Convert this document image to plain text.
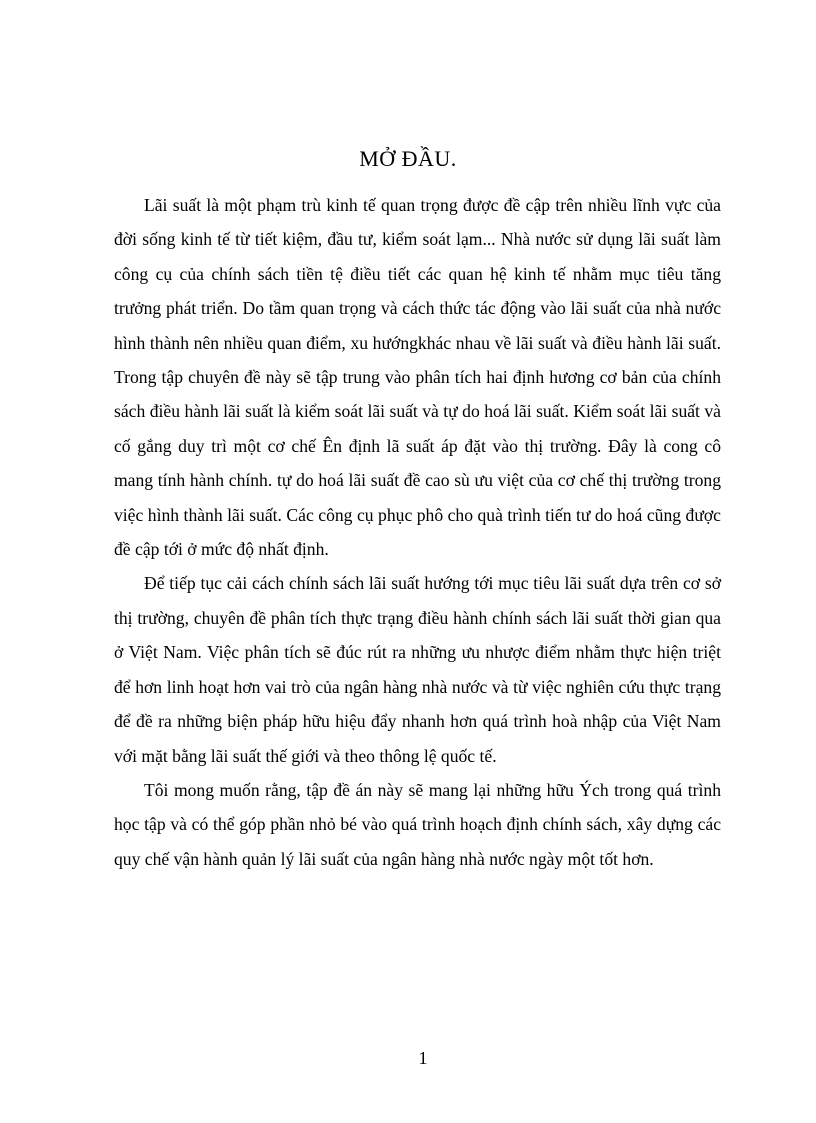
MỞ ĐẦU.

Lãi suất là một phạm trù kinh tế quan trọng được đề cập trên nhiều lĩnh vực của đời sống kinh tế từ tiết kiệm, đầu tư, kiểm soát lạm... Nhà nước sử dụng lãi suất làm công cụ của chính sách tiền tệ điều tiết các quan hệ kinh tế nhằm mục tiêu tăng trưởng phát triển. Do tầm quan trọng và cách thức tác động vào lãi suất của nhà nước hình thành nên nhiều quan điểm, xu hướngkhác nhau về lãi suất và điều hành lãi suất. Trong tập chuyên đề này sẽ tập trung vào phân tích hai định hương cơ bản của chính sách điều hành lãi suất là kiểm soát lãi suất và tự do hoá lãi suất. Kiểm soát lãi suất và cố gắng duy trì một cơ chế Ên định lã suất áp đặt vào thị trường. Đây là cong cô mang tính hành chính. tự do hoá lãi suất đề cao sù ưu việt của cơ chế thị trường trong việc hình thành lãi suất. Các công cụ phục phô cho quà trình tiến tư do hoá cũng được đề cập tới ở mức độ nhất định.

Để tiếp tục cải cách chính sách lãi suất hướng tới mục tiêu lãi suất dựa trên cơ sở thị trường, chuyên đề phân tích thực trạng điều hành chính sách lãi suất thời gian qua ở Việt Nam. Việc phân tích sẽ đúc rút ra những ưu nhược điểm nhằm thực hiện triệt để hơn linh hoạt hơn vai trò của ngân hàng nhà nước và từ việc nghiên cứu thực trạng để đề ra những biện pháp hữu hiệu đẩy nhanh hơn quá trình hoà nhập của Việt Nam với mặt bằng lãi suất thế giới và theo thông lệ quốc tế.

Tôi mong muốn rằng, tập đề án này sẽ mang lại những hữu Ých trong quá trình học tập và có thể góp phần nhỏ bé vào quá trình hoạch định chính sách, xây dựng các quy chế vận hành quản lý lãi suất của ngân hàng nhà nước ngày một tốt hơn.

1
